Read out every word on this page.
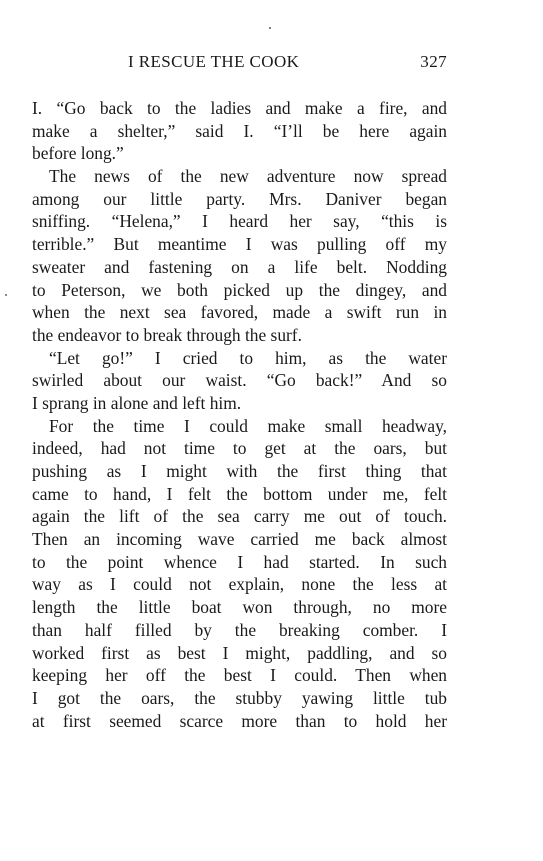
I RESCUE THE COOK	327
I. “Go back to the ladies and make a fire, and
make a shelter,” said I. “I’ll be here again
before long.”
The news of the new adventure now spread
among our little party. Mrs. Daniver began
sniffing. “Helena,” I heard her say, “this is
terrible.” But meantime I was pulling off my
sweater and fastening on a life belt. Nodding
to Peterson, we both picked up the dingey, and
when the next sea favored, made a swift run in
the endeavor to break through the surf.
“Let go!” I cried to him, as the water
swirled about our waist. “Go back!” And so
I sprang in alone and left him.
For the time I could make small headway,
indeed, had not time to get at the oars, but
pushing as I might with the first thing that
came to hand, I felt the bottom under me, felt
again the lift of the sea carry me out of touch.
Then an incoming wave carried me back almost
to the point whence I had started. In such
way as I could not explain, none the less at
length the little boat won through, no more
than half filled by the breaking comber. I
worked first as best I might, paddling, and so
keeping her off the best I could. Then when
I got the oars, the stubby yawing little tub
at first seemed scarce more than to hold her
